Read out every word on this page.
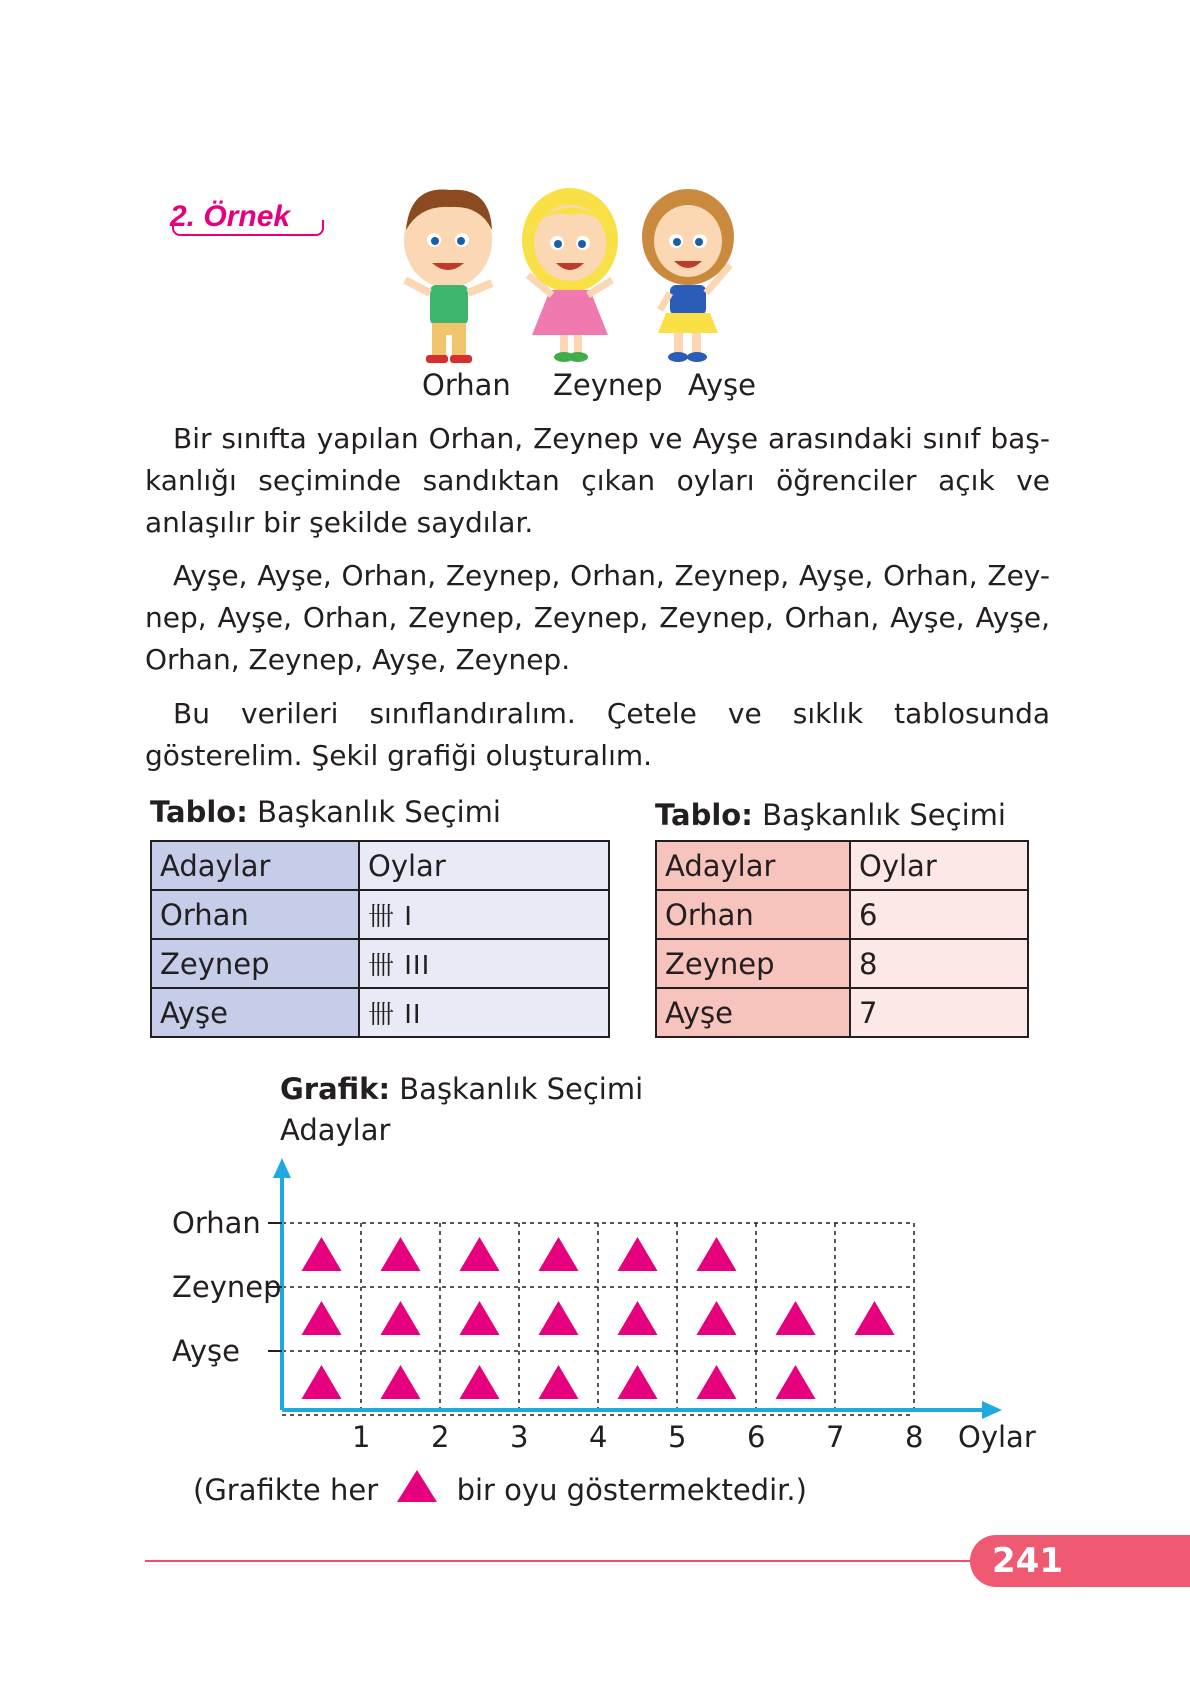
2. Örnek
Orhan Zeynep Ayşe
Bir sınıfta yapılan Orhan, Zeynep ve Ayşe arasındaki sınıf baş-kanlığı seçiminde sandıktan çıkan oyları öğrenciler açık ve anlaşılır bir şekilde saydılar.
Ayşe, Ayşe, Orhan, Zeynep, Orhan, Zeynep, Ayşe, Orhan, Zey-nep, Ayşe, Orhan, Zeynep, Zeynep, Zeynep, Orhan, Ayşe, Ayşe, Orhan, Zeynep, Ayşe, Zeynep.
Bu verileri sınıflandıralım. Çetele ve sıklık tablosunda gösterelim. Şekil grafiği oluşturalım.
Tablo: Başkanlık Seçimi
Adaylar	Oylar
Orhan	卌 I
Zeynep	卌 III
Ayşe	卌 II
Tablo: Başkanlık Seçimi
Adaylar	Oylar
Orhan	6
Zeynep	8
Ayşe	7
Grafik: Başkanlık Seçimi
Adaylar
Orhan
Zeynep
Ayşe
1 2 3 4 5 6 7 8 Oylar
(Grafikte her	bir oyu göstermektedir.)
241
